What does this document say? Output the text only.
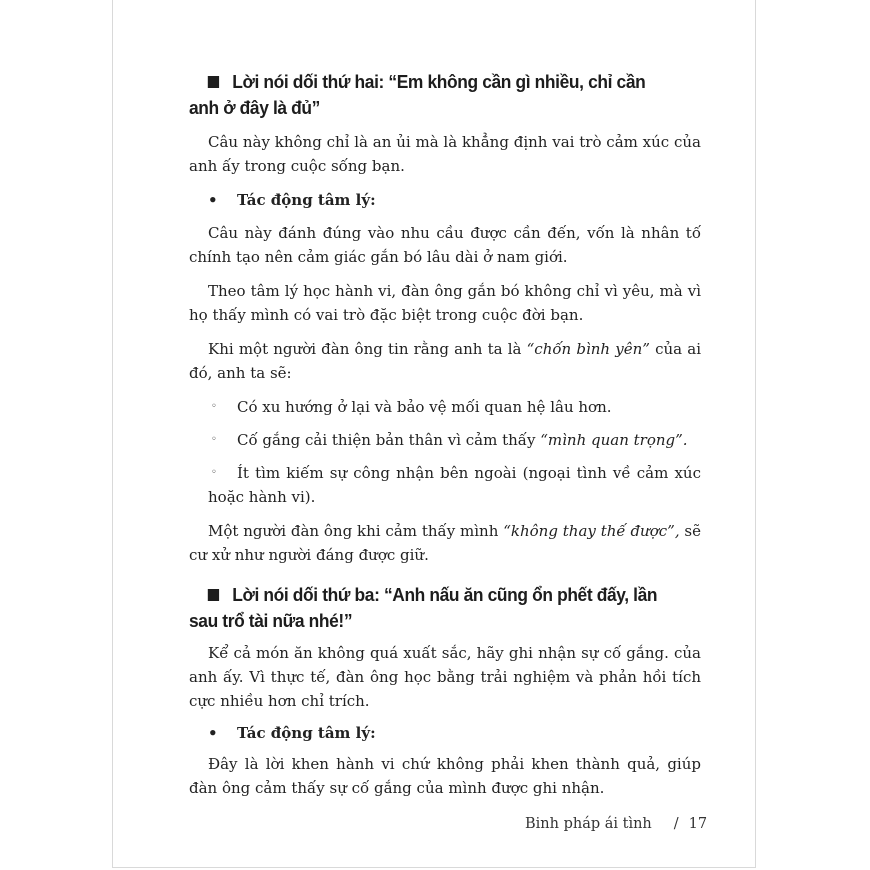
Lời nói dối thứ hai: “Em không cần gì nhiều, chỉ cần anh ở đây là đủ”
Câu này không chỉ là an ủi mà là khẳng định vai trò cảm xúc của anh ấy trong cuộc sống bạn.
• Tác động tâm lý:
Câu này đánh đúng vào nhu cầu được cần đến, vốn là nhân tố chính tạo nên cảm giác gắn bó lâu dài ở nam giới.
Theo tâm lý học hành vi, đàn ông gắn bó không chỉ vì yêu, mà vì họ thấy mình có vai trò đặc biệt trong cuộc đời bạn.
Khi một người đàn ông tin rằng anh ta là “chốn bình yên” của ai đó, anh ta sẽ:
◦	Có xu hướng ở lại và bảo vệ mối quan hệ lâu hơn.
◦	Cố gắng cải thiện bản thân vì cảm thấy “mình quan trọng”.
◦	Ít tìm kiếm sự công nhận bên ngoài (ngoại tình về cảm xúc hoặc hành vi).
Một người đàn ông khi cảm thấy mình “không thay thế được”, sẽ cư xử như người đáng được giữ.
Lời nói dối thứ ba: “Anh nấu ăn cũng ổn phết đấy, lần sau trổ tài nữa nhé!”
Kể cả món ăn không quá xuất sắc, hãy ghi nhận sự cố gắng. của anh ấy. Vì thực tế, đàn ông học bằng trải nghiệm và phản hồi tích cực nhiều hơn chỉ trích.
• Tác động tâm lý:
Đây là lời khen hành vi chứ không phải khen thành quả, giúp đàn ông cảm thấy sự cố gắng của mình được ghi nhận.
Binh pháp ái tình / 17
